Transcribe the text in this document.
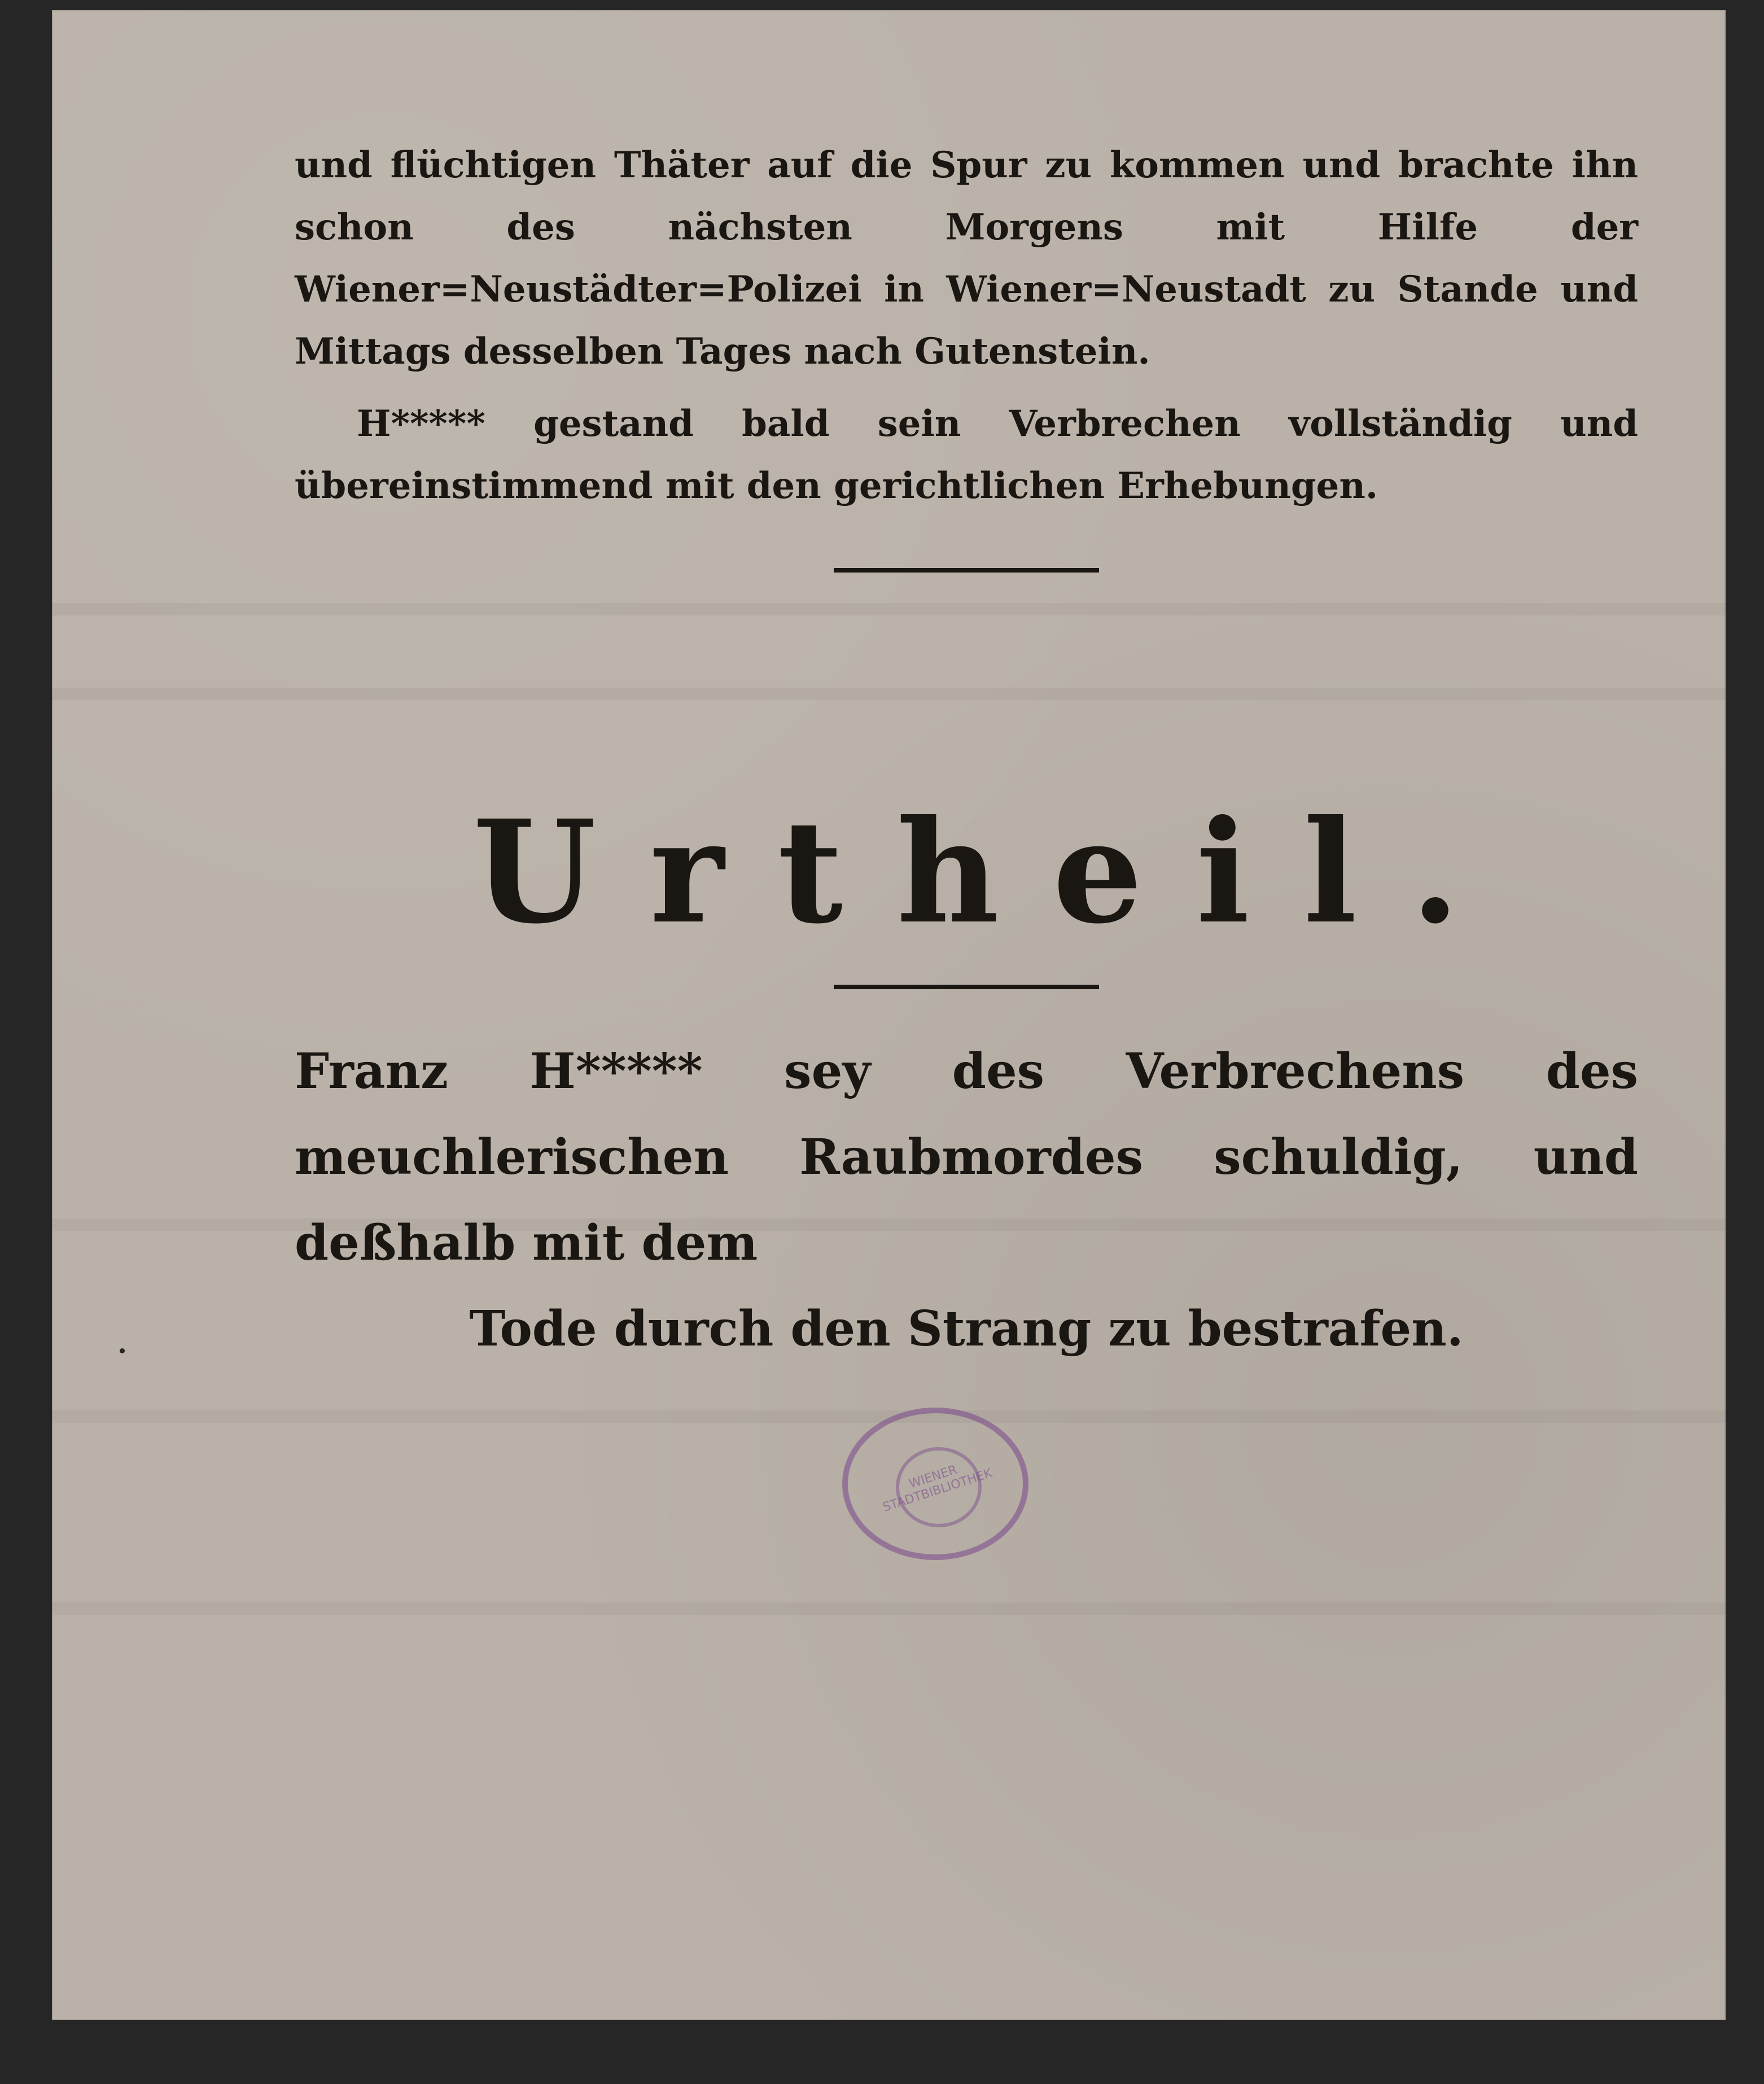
und flüchtigen Thäter auf die Spur zu kommen und brachte ihn schon des nächsten Morgens mit Hilfe der Wiener=Neustädter=Polizei in Wiener=Neustadt zu Stande und Mittags desselben Tages nach Gutenstein.

H***** gestand bald sein Verbrechen vollständig und übereinstimmend mit den gerichtlichen Erhebungen.

Urtheil.
Franz H***** sey des Verbrechens des meuchlerischen Raubmordes schuldig, und deßhalb mit dem
Tode durch den Strang zu bestrafen.
WIENER STADTBIBLIOTHEK
